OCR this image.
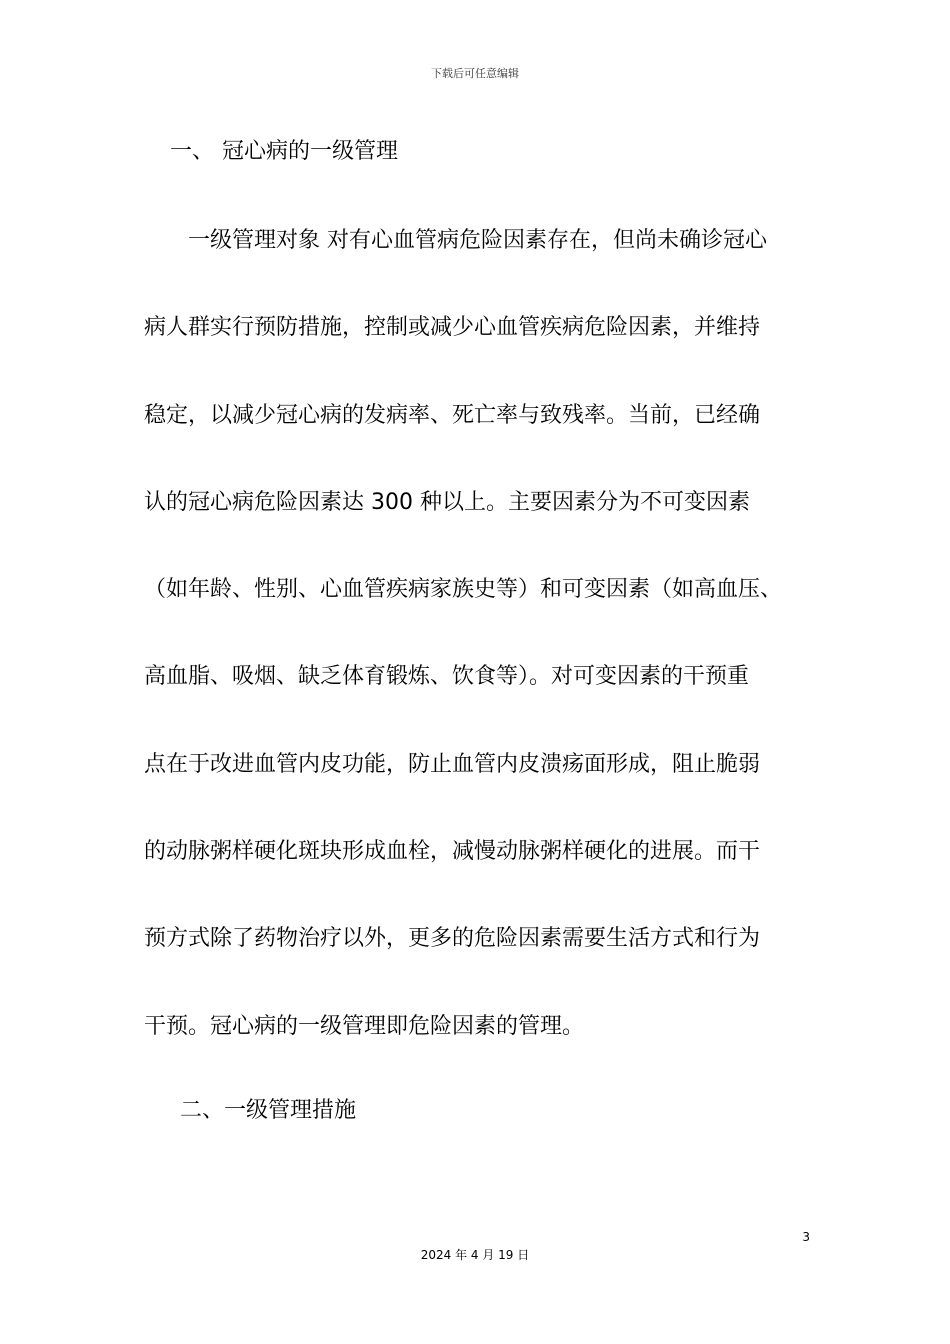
下载后可任意编辑
一、 冠心病的一级管理
一级管理对象 对有心血管病危险因素存在，但尚未确诊冠心
病人群实行预防措施，控制或减少心血管疾病危险因素，并维持
稳定，以减少冠心病的发病率、死亡率与致残率。当前，已经确
认的冠心病危险因素达 300 种以上。主要因素分为不可变因素
（如年龄、性别、心血管疾病家族史等）和可变因素（如高血压、
高血脂、吸烟、缺乏体育锻炼、饮食等）。对可变因素的干预重
点在于改进血管内皮功能，防止血管内皮溃疡面形成，阻止脆弱
的动脉粥样硬化斑块形成血栓，减慢动脉粥样硬化的进展。而干
预方式除了药物治疗以外，更多的危险因素需要生活方式和行为
干预。冠心病的一级管理即危险因素的管理。
二、一级管理措施
3
2024 年 4 月 19 日
